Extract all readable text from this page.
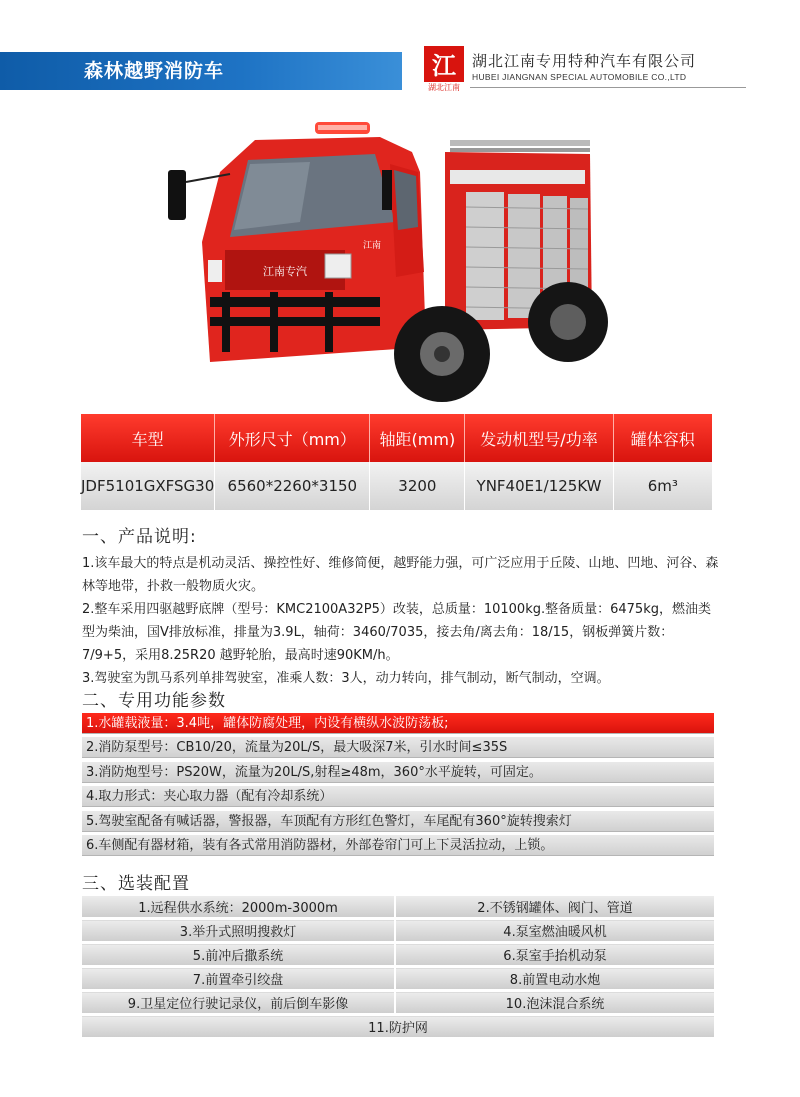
森林越野消防车	江
湖北江南
湖北江南专用特种汽车有限公司
HUBEI JIANGNAN SPECIAL AUTOMOBILE CO.,LTD
江南专汽
江南
车型	外形尺寸（mm）	轴距(mm)	发动机型号/功率	罐体容积
JDF5101GXFSG30	6560*2260*3150	3200	YNF40E1/125KW	6m³
一、产品说明:

1.该车最大的特点是机动灵活、操控性好、维修简便，越野能力强，可广泛应用于丘陵、山地、凹地、河谷、森林等地带，扑救一般物质火灾。

2.整车采用四驱越野底牌（型号：KMC2100A32P5）改装，总质量：10100kg.整备质量：6475kg，燃油类型为柴油，国V排放标准，排量为3.9L，轴荷：3460/7035，接去角/离去角：18/15，钢板弹簧片数：7/9+5，采用8.25R20 越野轮胎，最高时速90KM/h。

3.驾驶室为凯马系列单排驾驶室，准乘人数：3人，动力转向，排气制动，断气制动，空调。

二、专用功能参数
1.水罐载液量：3.4吨，罐体防腐处理，内设有横纵水波防荡板;
2.消防泵型号：CB10/20，流量为20L/S，最大吸深7米，引水时间≤35S
3.消防炮型号：PS20W，流量为20L/S,射程≥48m，360°水平旋转，可固定。
4.取力形式：夹心取力器（配有冷却系统）
5.驾驶室配备有喊话器，警报器，车顶配有方形红色警灯，车尾配有360°旋转搜索灯
6.车侧配有器材箱，装有各式常用消防器材，外部卷帘门可上下灵活拉动，上锁。
三、选装配置
1.远程供水系统：2000m-3000m	2.不锈钢罐体、阀门、管道
3.举升式照明搜救灯	4.泵室燃油暖风机
5.前冲后撒系统	6.泵室手抬机动泵
7.前置牵引绞盘	8.前置电动水炮
9.卫星定位行驶记录仪，前后倒车影像	10.泡沫混合系统
11.防护网	
